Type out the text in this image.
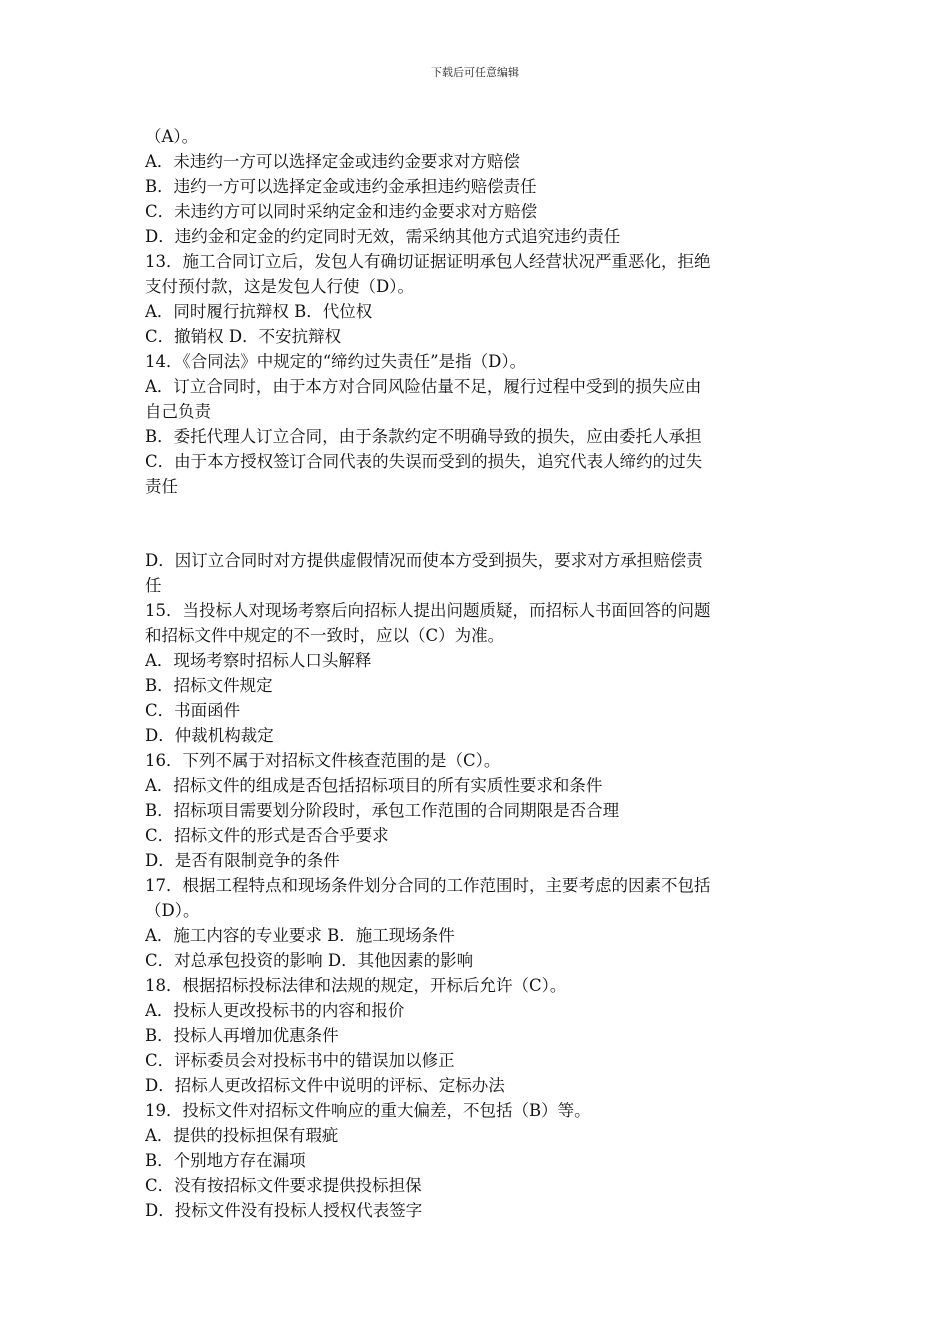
下载后可任意编辑
（A）。
A．未违约一方可以选择定金或违约金要求对方赔偿
B．违约一方可以选择定金或违约金承担违约赔偿责任
C．未违约方可以同时采纳定金和违约金要求对方赔偿
D．违约金和定金的约定同时无效，需采纳其他方式追究违约责任
13．施工合同订立后，发包人有确切证据证明承包人经营状况严重恶化，拒绝
支付预付款，这是发包人行使（D）。
A．同时履行抗辩权 B．代位权
C．撤销权 D．不安抗辩权
14．《合同法》中规定的“缔约过失责任”是指（D）。
A．订立合同时，由于本方对合同风险估量不足，履行过程中受到的损失应由
自己负责
B．委托代理人订立合同，由于条款约定不明确导致的损失，应由委托人承担
C．由于本方授权签订合同代表的失误而受到的损失，追究代表人缔约的过失
责任
D．因订立合同时对方提供虚假情况而使本方受到损失，要求对方承担赔偿责
任
15．当投标人对现场考察后向招标人提出问题质疑，而招标人书面回答的问题
和招标文件中规定的不一致时，应以（C）为准。
A．现场考察时招标人口头解释
B．招标文件规定
C．书面函件
D．仲裁机构裁定
16．下列不属于对招标文件核查范围的是（C）。
A．招标文件的组成是否包括招标项目的所有实质性要求和条件
B．招标项目需要划分阶段时，承包工作范围的合同期限是否合理
C．招标文件的形式是否合乎要求
D．是否有限制竞争的条件
17．根据工程特点和现场条件划分合同的工作范围时，主要考虑的因素不包括
（D）。
A．施工内容的专业要求 B．施工现场条件
C．对总承包投资的影响 D．其他因素的影响
18．根据招标投标法律和法规的规定，开标后允许（C）。
A．投标人更改投标书的内容和报价
B．投标人再增加优惠条件
C．评标委员会对投标书中的错误加以修正
D．招标人更改招标文件中说明的评标、定标办法
19．投标文件对招标文件响应的重大偏差，不包括（B）等。
A．提供的投标担保有瑕疵
B．个别地方存在漏项
C．没有按招标文件要求提供投标担保
D．投标文件没有投标人授权代表签字
